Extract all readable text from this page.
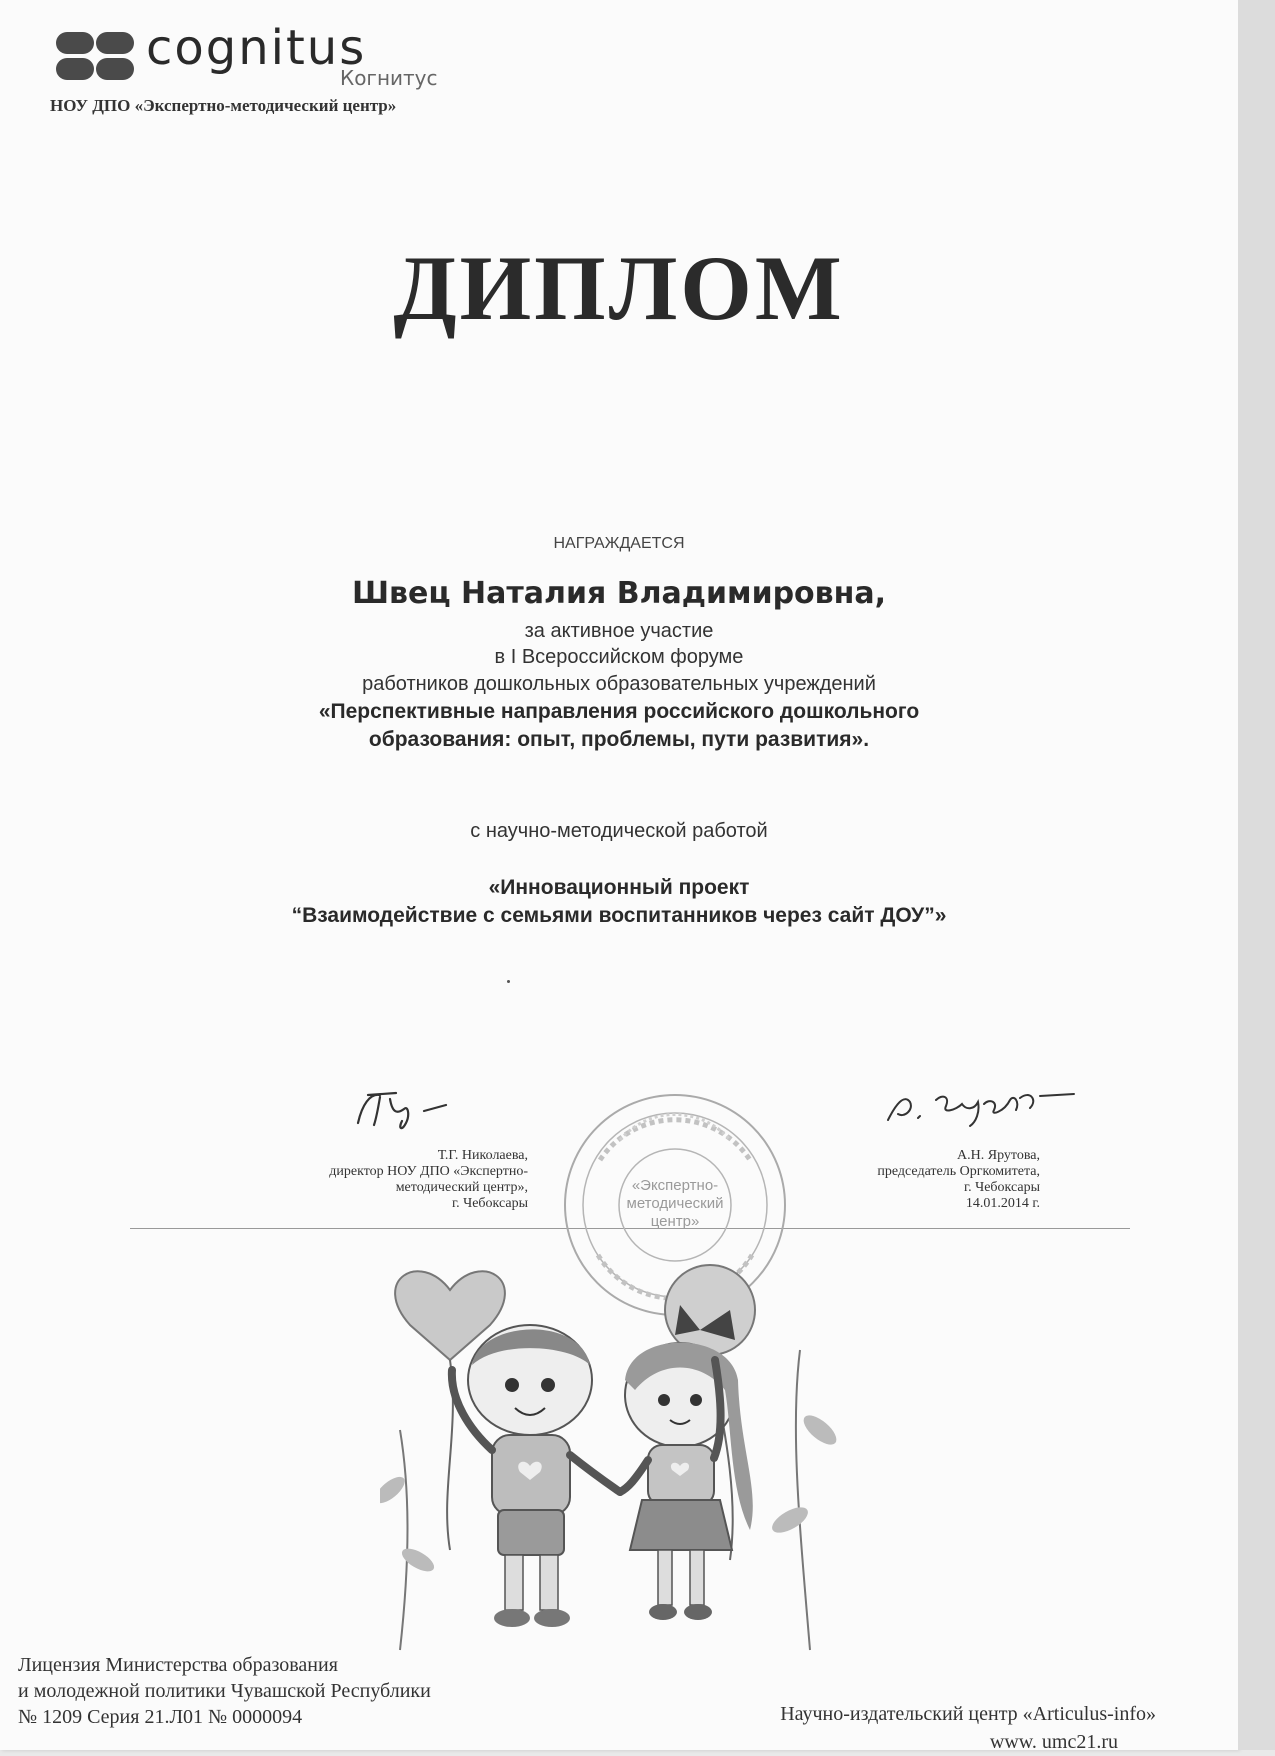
cognitus
Когнитус
НОУ ДПО «Экспертно-методический центр»
ДИПЛОМ
НАГРАЖДАЕТСЯ
Швец Наталия Владимировна,
за активное участие
в I Всероссийском форуме
работников дошкольных образовательных учреждений
«Перспективные направления российского дошкольного
образования: опыт, проблемы, пути развития».
с научно-методической работой
«Инновационный проект
“Взаимодействие с семьями воспитанников через сайт ДОУ”»
Т.Г. Николаева,
директор НОУ ДПО «Экспертно-
методический центр»,
г. Чебоксары
А.Н. Ярутова,
председатель Оргкомитета,
г. Чебоксары
14.01.2014 г.
«Экспертно-
методический
центр»
Лицензия Министерства образования
и молодежной политики Чувашской Республики
№ 1209 Серия 21.Л01 № 0000094	Научно-издательский центр «Articulus-info»
www. umc21.ru
